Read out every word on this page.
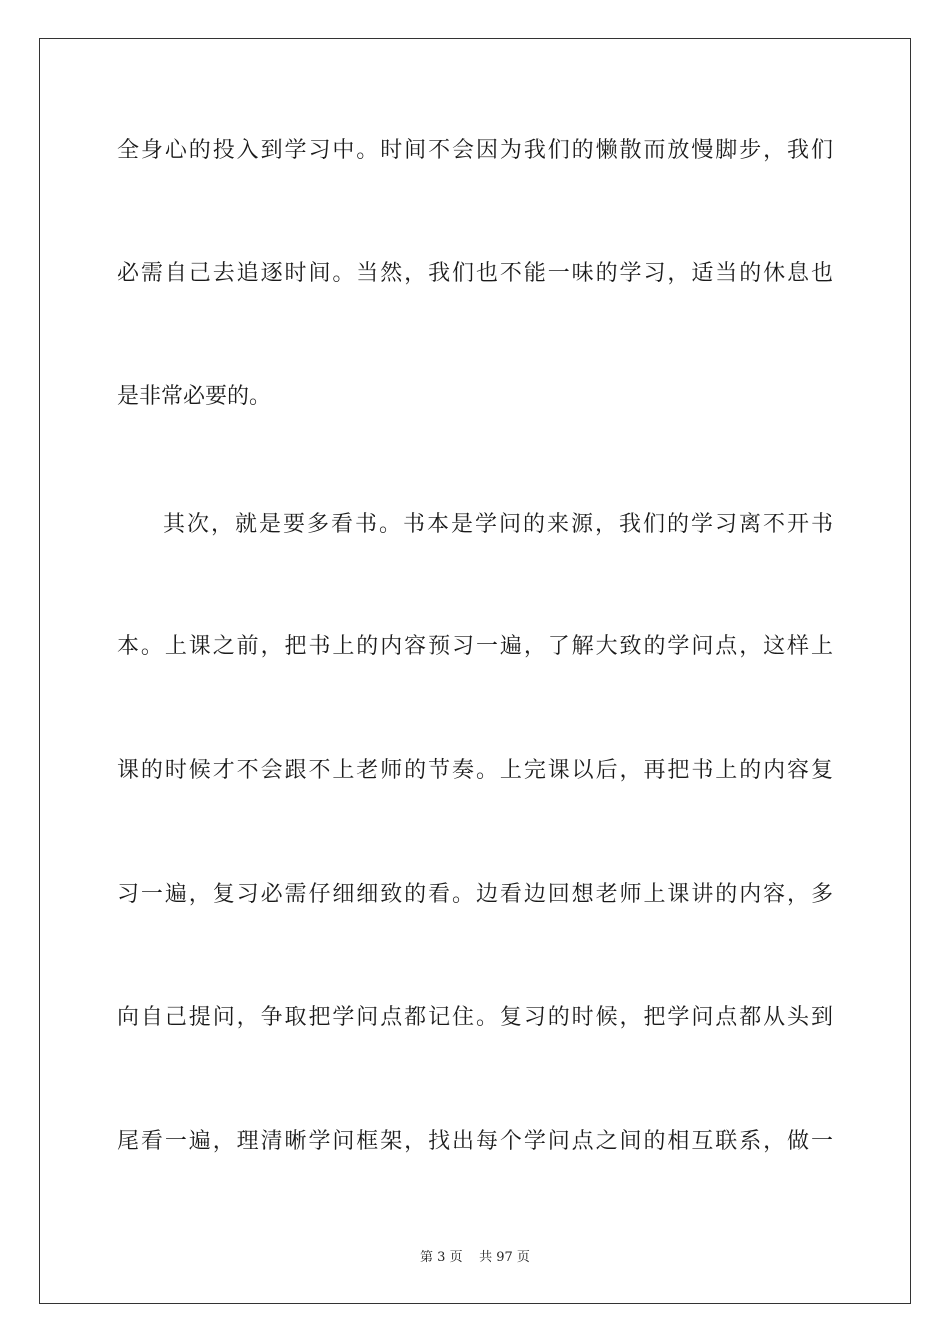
全身心的投入到学习中。时间不会因为我们的懒散而放慢脚步，我们
必需自己去追逐时间。当然，我们也不能一味的学习，适当的休息也
是非常必要的。
其次，就是要多看书。书本是学问的来源，我们的学习离不开书
本。上课之前，把书上的内容预习一遍，了解大致的学问点，这样上
课的时候才不会跟不上老师的节奏。上完课以后，再把书上的内容复
习一遍，复习必需仔细细致的看。边看边回想老师上课讲的内容，多
向自己提问，争取把学问点都记住。复习的时候，把学问点都从头到
尾看一遍，理清晰学问框架，找出每个学问点之间的相互联系，做一
第 3 页 共 97 页
